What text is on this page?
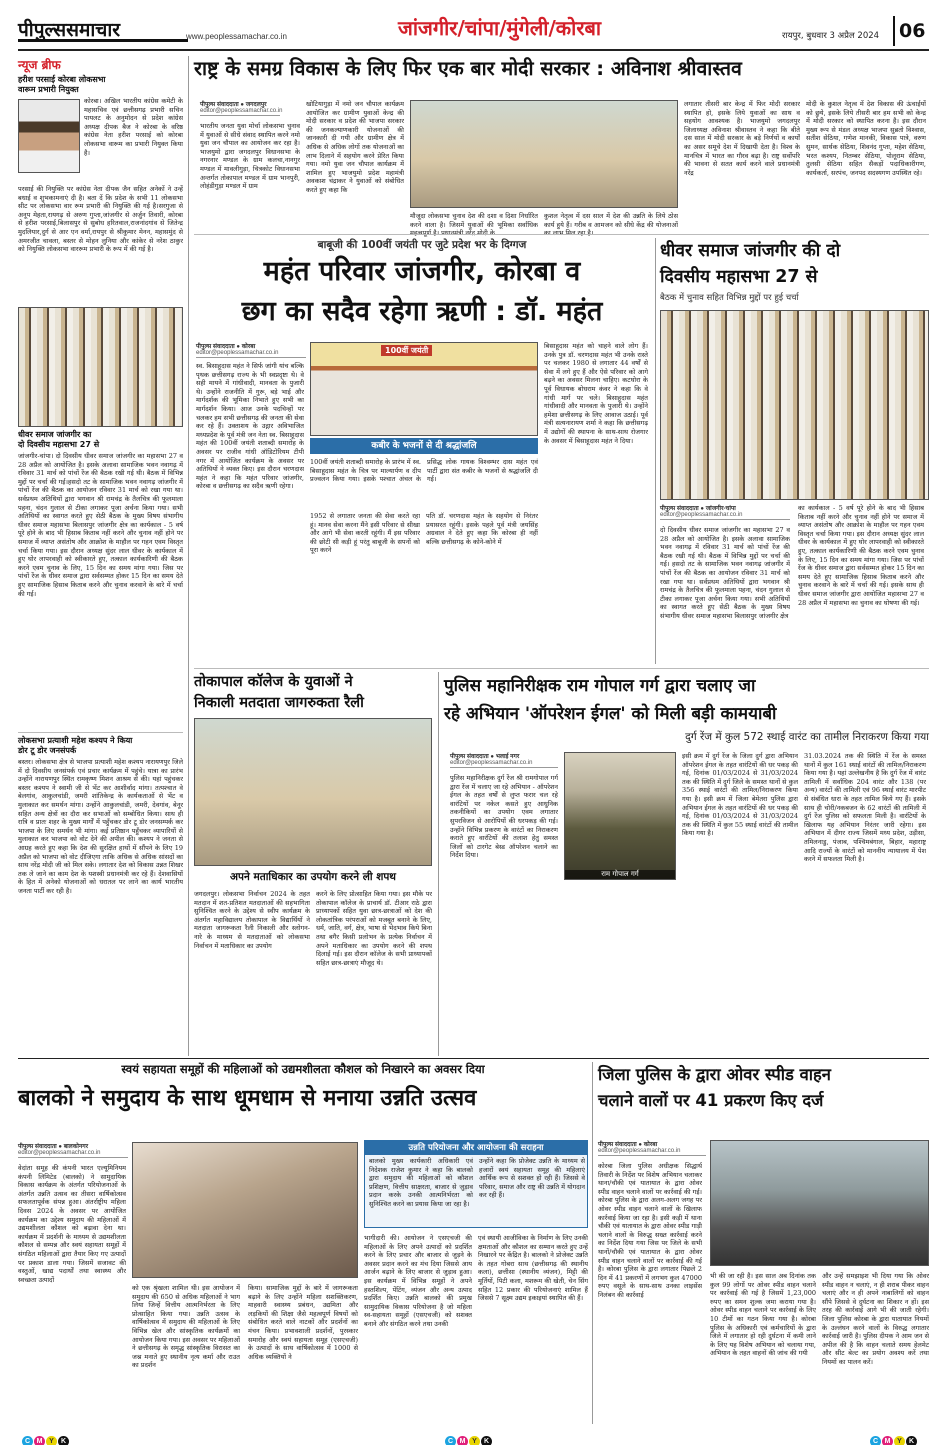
पीपुल्ससमाचार	www.peoplessamachar.co.in	जांजगीर/चांपा/मुंगेली/कोरबा	रायपुर, बुधवार 3 अप्रैल 2024	06
न्यूज ब्रीफ
हरीश परसाई कोरबा लोकसभा
वारूम प्रभारी नियुक्त
कोरबा। अखिल भारतीय कांग्रेस कमेटी के महासचिव एवं छत्तीसगढ़ प्रभारी सचिन पायलट के अनुमोदन से प्रदेश कांग्रेस अध्यक्ष दीपक बैज ने कोरबा के वरिष्ठ कांग्रेस नेता हरीश परसाई को कोरबा लोकसभा वारूम का प्रभारी नियुक्त किया है।
परसाई की नियुक्ति पर कांग्रेस नेता दीपक जैन सहित अनेकों ने उन्हें बधाई व शुभकामनाएं दी है। बता दें कि प्रदेश के सभी 11 लोकसभा सीट पर लोकसभा वार रूम प्रभारी की नियुक्ति की गई है।सरगुजा से अनूप मेहता,रायगढ़ से अरुण गुप्ता,जांजगीर से अर्जुन तिवारी, कोरबा से हरीश परसाई,बिलासपुर से सुबोध हरितवाल,राजनांदगांव से जितेन्द्र मुदलियार,दुर्ग से आर एन वर्मा,रायपुर से श्रीकुमार मेनन, महासमुंद से अमरजीत चावला, बस्तर से मोहन लुनिया और कांकेर से नरेश ठाकुर को नियुक्ति लोकसभा वाररूम प्रभारी के रूप में की गई है।
धीवर समाज जांजगीर का
दो दिवसीय महासभा 27 से
जांजगीर-चांपा। दो दिवसीय धीवर समाज जांजगीर का महासभा 27 व 28 अप्रैल को आयोजित है। इसके अलावा सामाजिक भवन नवागढ़ में रविवार 31 मार्च को पांचों रेंज की बैठक रखी गई थी। बैठक में विभिन्न मुद्दों पर चर्चा की गई।हसदो तट के सामाजिक भवन नवागढ़ जांजगीर में पांचों रेंज की बैठक का आयोजन रविवार 31 मार्च को रखा गया था। सर्वप्रथम अतिथियों द्वारा भगवान श्री रामचंद्र के तैलचित्र की फूलमाला पहना, चंदन गुलाल से टीका लगाकर पूजा अर्चना किया गया। सभी अतिथियों का स्वागत करते हुए सेठी बैठक के मुख्य विषय संभागीय धीवर समाज महासभा बिलासपुर जांजगीर क्षेत्र का कार्यकाल - 5 वर्ष पूरे होने के बाद भी हिसाब किताब नहीं करने और चुनाव नहीं होने पर समाज में व्याप्त असंतोष और आक्रोश के माहौल पर गहन एवम विस्तृत चर्चा किया गया। इस दौरान अध्यक्ष सुंदर लाल धीवर के कार्यकाल में हुए घोर लापरवाही को स्वीकारते हुए, तत्काल कार्यकारिणी की बैठक करने एवम चुनाव के लिए, 15 दिन का समय मांगा गया। जिस पर पांचों रेंज के धीवर समाज द्वारा सर्वसम्मत होकर 15 दिन का समय देते हुए सामाजिक हिसाब किताब करने और चुनाव करवाने के बारे में चर्चा की गई।
लोकसभा प्रत्याशी महेश कश्यप ने किया
डोर टू डोर जनसंपर्क
बस्तर। लोकसभा क्षेत्र से भाजपा प्रत्याशी महेश कश्यप नारायणपुर जिले में दो दिवसीय जनसंपर्क एवं प्रचार कार्यक्रम में पहुंचे। यात्रा का प्रारंभ उन्होंने नारायणपुर स्थित रामकृष्ण मिशन आश्रम से की। यहां पहुंचकर बस्तर कश्यप ने स्वामी जी से भेंट कर आशीर्वाद मांगा। तत्पश्चात वे बेलगांव, आकुलचांडी, जमरी शांतिकेन्द्र के कार्यकताओं से भेंट व मुलाकात कर समर्थन मांगा। उन्होंने आकुलचांडी, जमरी, देवगांव, बेनूर सहित अन्य क्षेत्रों का दौरा कर सभाओं को सम्बोधित किया। साथ ही रात्रि व प्रातः शहर के मुख्य मार्गों में पहुँचकर डोर टू डोर जनसम्पर्क कर भाजपा के लिए समर्थन भी मांगा। कई प्रतिष्ठान पहुँचकर व्यापारियों से मुलाकात कर भाजपा को वोट देने की अपील की। कश्यप ने जनता से आग्रह करते हुए कहा कि देश की सुरक्षित हाथों में सौंपने के लिए 19 अप्रैल को भाजपा को वोट दीजिएगा ताकि अधिक से अधिक सांसदों का साथ नरेंद्र मोदी जी को मिल सके। लगातार देश को विकास उन्नत शिखर तक ले जाने का काम देश के यशस्वी प्रधानमंत्री कर रहे हैं। देशवासियों के हित में अनेको योजनाओं को धरातल पर लाने का कार्य भारतीय जनता पार्टी कर रही है।
राष्ट्र के समग्र विकास के लिए फिर एक बार मोदी सरकार : अविनाश श्रीवास्तव
पीपुल्स संवाददाता ● जगदलपुर
editor@peoplessamachar.co.in
भारतीय जनता युवा मोर्चा लोकसभा चुनाव में युवाओं से सीधे संवाद स्थापित करने नमो युवा जन चौपाल का आयोजन कर रहा है। भाजयुमो द्वारा जगदलपुर विधानसभा के नगरनार मण्डल के ग्राम कलचा,नानगुर मण्डल में मावलीगुड़ा, चित्रकोट विधानसभा अन्तर्गत तोकापाल मण्डल में ग्राम भानपुरी, लोहंडीगुड़ा मण्डल में ग्राम
खोटियागुड़ा में नमो जन चौपाल कार्यक्रम आयोजित कर ग्रामीण युवाओं केन्द्र की मोदी सरकार व प्रदेश की भाजपा सरकार की जनकल्याणकारी योजनाओं की जानकारी दी गयी और ग्रामीण क्षेत्र में अधिक से अधिक लोगों तक योजनाओं का लाभ दिलाने में सहयोग करने प्रेरित किया गया। नमो युवा जन चौपाल कार्यक्रम में शामिल हुए भाजयुमो प्रदेश महामंत्री अवकाश चंद्राकर ने युवाओं को संबोधित करते हुए कहा कि
मौजूदा लोकसभा चुनाव देश की दशा व दिशा निर्धारित करने वाला है। जिसमें युवाओं की भूमिका सर्वाधिक
कुशल नेतृत्व में दस साल में देश की उन्नति के लिये ठोस कार्य हुये हैं। गरीब व आमजन को सीधे केंद्र की योजनाओं
लगातार तीसरी बार केन्द्र में फिर मोदी सरकार स्थापित हो, इसके लिये युवाओं का साथ व सहयोग आवश्यक है। भाजयुमो जगदलपुर जिलाध्यक्ष अविनाश श्रीवास्तव ने कहा कि बीते दस साल में मोदी सरकार के बड़े निर्णयों व कार्यों का असर समूचे देश में दिखायी देता है। विश्व के मानचित्र में भारत का गौरव बढ़ा है। राष्ट्र सर्वोपरि की भावना से सतत कार्य करने वाले प्रधानमंत्री नरेंद्र
मोदी के कुशल नेतृत्व में देश विकास की ऊंचाईयों को छुये, इसके लिये तीसरी बार हम सभी को केन्द्र में मोदी सरकार को स्थापित करना है। इस दौरान मुख्य रूप से मंडल अध्यक्ष भाजपा सुब्रतो विश्वास, सतीश सेठिया, गणेश मानकी, विकास पात्रे, वरुण सुमन, सार्थक सेठिया, शिवनंद गुप्ता, महेश सेठिया, भरत कश्यप, नितम्बर सेठिया, पोलूराम सेठिया, तुलसी सेठिया सहित सैकड़ों पदाधिकारीगण, कार्यकर्ता, सरपंच, जनपद सदस्यगण उपस्थित रहे।
बाबूजी की 100वीं जयंती पर जुटे प्रदेश भर के दिग्गज
महंत परिवार जांजगीर, कोरबा व
छग का सदैव रहेगा ऋणी : डॉ. महंत
पीपुल्स संवाददाता ● कोरबा
editor@peoplessamachar.co.in
स्व. बिसाहूदास महंत ने सिर्फ जांगी यांच बल्कि पृथक छत्तीसगढ़ राज्य के भी स्वप्नदृष्टा थे। वे सही मायने में गांधीवादी, मानवता के पुजारी थे। उन्होंने राजनीति में गुरू, बड़े भाई और मार्गदर्शक की भूमिका निभाते हुए सभी का मार्गदर्शन किया। आज उनके पदचिन्हों पर चलकर हम सभी छत्तीसगढ़ की जनता की सेवा कर रहे हैं। उक्ताशय के उद्गार अविभाजित मध्यप्रदेश के पूर्व मंत्री जन नेता स्व. बिसाहूदास महंत की 100वीं जयंती शताब्दी समारोह के अवसर पर राजीव गांधी ऑडिटोरियम टीपी नगर में आयोजित कार्यक्रम के अवसर पर अतिथियों ने व्यक्त किए। इस दौरान चरणदास महंत ने कहा कि महंत परिवार जांजगीर, कोरबा व छत्तीसगढ़ का सदैव ऋणी रहेगा।
100वीं जयंती
कबीर के भजनों से दी श्रद्धांजलि
100वीं जयंती शताब्दी समारोह के प्रारंभ में स्व. बिसाहूदास महंत के चित्र पर माल्यार्पण व दीप प्रज्वलन किया गया। इसके पश्चात अंचल के प्रसिद्ध लोक गायक विश्वम्भर दास महंत एवं पार्टी द्वारा संत कबीर के भजनों से श्रद्धांजलि दी गई।
1952 से लगातार जनता की सेवा करते रहा हूं। मानव सेवा करना मैंने इसी परिवार से सीखा और आगे भी सेवा करती रहूंगी। मैं इस परिवार की छोटी सी कड़ी हूं परंतु बाबूजी के सपनों को पूरा करने
पति डॉ. चरणदास महंत के सहयोग से निरंतर प्रयासरत रहूंगी। इसके पहले पूर्व मंत्री जयसिंह अग्रवाल ने देते हुए कहा कि कोरबा ही नहीं बल्कि छत्तीसगढ़ के कोने-कोने में
बिसाहूदास महंत को चाहने वाले लोग हैं। उनके पुत्र डॉ. चरणदास महंत भी उनके रास्ते पर चलकर 1980 से लगातार 44 वर्षों से सेवा में लगे हुए हैं और ऐसे परिवार को आगे बढ़ने का अवसर मिलना चाहिए। कटघोरा के पूर्व विधायक बोधराम कंवर ने कहा कि वे गांधी मार्ग पर चले। बिसाहूदास महंत गांधीवादी और मानवता के पुजारी थे। उन्होंने हमेशा छत्तीसगढ़ के लिए आवाज उठाई। पूर्व मंत्री सत्यनारायण शर्मा ने कहा कि छत्तीसगढ़ में उद्योगों की स्थापना के साथ-साथ रोजगार के अवसर में बिसाहूदास महंत ने दिया।
धीवर समाज जांजगीर की दो
दिवसीय महासभा 27 से
बैठक में चुनाव सहित विभिन्न मुद्दों पर हुई चर्चा
पीपुल्स संवाददाता ● जांजगीर-चांपा
editor@peoplessamachar.co.in
दो दिवसीय धीवर समाज जांजगीर का महासभा 27 व 28 अप्रैल को आयोजित है। इसके अलावा सामाजिक भवन नवागढ़ में रविवार 31 मार्च को पांचों रेंज की बैठक रखी गई थी। बैठक में विभिन्न मुद्दों पर चर्चा की गई। हसदो तट के सामाजिक भवन नवागढ़ जांजगीर में पांचों रेंज की बैठक का आयोजन रविवार 31 मार्च को रखा गया था। सर्वप्रथम अतिथियों द्वारा भगवान श्री रामचंद्र के तैलचित्र की फूलमाला पहना, चंदन गुलाल से टीका लगाकर पूजा अर्चना किया गया। सभी अतिथियों का स्वागत करते हुए सेठी बैठक के मुख्य विषय संभागीय धीवर समाज महासभा बिलासपुर जांजगीर क्षेत्र
का कार्यकाल - 5 वर्ष पूरे होने के बाद भी हिसाब किताब नहीं करने और चुनाव नहीं होने पर समाज में व्याप्त असंतोष और आक्रोश के माहौल पर गहन एवम विस्तृत चर्चा किया गया। इस दौरान अध्यक्ष सुंदर लाल धीवर के कार्यकाल में हुए घोर लापरवाही को स्वीकारते हुए, तत्काल कार्यकारिणी की बैठक करने एवम चुनाव के लिए, 15 दिन का समय मांगा गया। जिस पर पांचों रेंज के धीवर समाज द्वारा सर्वसम्मत होकर 15 दिन का समय देते हुए सामाजिक हिसाब किताब करने और चुनाव करवाने के बारे में चर्चा की गई। इसके साथ ही धीवर समाज जांजगीर द्वारा आयोजित महासभा 27 व 28 अप्रैल में महासभा का चुनाव का घोषणा की गई।
तोकापाल कॉलेज के युवाओं ने
निकाली मतदाता जागरुकता रैली
अपने मताधिकार का उपयोग करने ली शपथ
जगदलपुर। लोकसभा निर्वाचन 2024 के तहत मतदान में शत-प्रतिशत मतदाताओं की सहभागिता सुनिश्चित करने के उद्देश्य से स्वीप कार्यक्रम के अंतर्गत महाविद्यालय तोकापाल के विद्यार्थियों ने मतदाता जागरूकता रैली निकाली और स्लोगन-नारे के माध्यम से मतदाताओं को लोकसभा निर्वाचन में मताधिकार का उपयोग
करने के लिए प्रोत्साहित किया गया। इस मौके पर तोकापाल कॉलेज के प्राचार्य डॉ. टीआर राठे द्वारा प्राध्यापकों सहित युवा छात्र-छात्राओं को देश की लोकतांत्रिक परंपराओं को मजबूत बनाने के लिए, धर्म, जाति, वर्ग, क्षेत्र, भाषा से भेदभाव किये बिना तथा बगैर किसी प्रलोभन के प्रत्येक निर्वाचन में अपने मताधिकार का उपयोग करने की शपथ दिलाई गई। इस दौरान कॉलेज के सभी प्राध्यापकों सहित छात्र-छात्राएं मौजूद थे।
पुलिस महानिरीक्षक राम गोपाल गर्ग द्वारा चलाए जा
रहे अभियान 'ऑपरेशन ईगल' को मिली बड़ी कामयाबी
दुर्ग रेंज में कुल 572 स्थाई वारंट का तामील निराकरण किया गया
पीपुल्स संवाददाता ● भलाई नगर
editor@peoplessamachar.co.in
पुलिस महानिरीक्षक दुर्ग रेंज श्री रामगोपाल गर्ग द्वारा रेंज में चलाए जा रहे अभियान - ऑपरेशन ईगल के तहत वर्षों से लुप्त फरार चल रहे वारंटियों पर नकेल कसते हुए आधुनिक तकनीकियों का उपयोग एवम लगातार सुपरविजन से आरोपियों की धरपकड़ की गई। उन्होंने विभिन्न प्रकरण के वारंटों का निराकरण कराते हुए वारंटियों की तलाश हेतु समस्त जिलों को टारगेट बेस्ड ऑपरेशन चलाने का निर्देश दिया।
राम गोपाल गर्ग
इसी क्रम में दुर्ग रेंज के जिला दुर्ग द्वारा अभियान ऑपरेशन ईगल के तहत वारंटियों की धर पकड़ की गई, दिनांक 01/03/2024 से 31/03/2024 तक की स्थिति में दुर्ग जिले के समस्त थानों से कुल 356 स्थाई वारंटों की तामिल/निराकरण किया गया है। इसी क्रम में जिला बेमेतरा पुलिस द्वारा अभियान ईगल के तहत वारंटियों की धर पकड़ की गई, दिनांक 01/03/2024 से 31/03/2024 तक की स्थिति में कुल 55 स्थाई वारंटों की तामील किया गया है।
31.03.2024 तक की स्थिति में रेंज के समस्त थानों में कुल 161 स्थाई वारंटों की तामिल/निराकरण किया गया है। यहां उल्लेखनीय है कि दुर्ग रेंज में वारंट तामिली में सर्वाधिक 204 वारंट और 138 (पर अन्य) वारंटों की तामिली एवं 96 स्थाई वारंट मारपीट से संबंधित धारा के तहत तामिल किये गए हैं। इसके साथ ही चोरी/नकबजन के 62 वारंटों की तामिली में दुर्ग रेंज पुलिस को सफलता मिली है। वारंटियों के खिलाफ यह अभियान निरंतर जारी रहेगा। इस अभियान में दीगर राज्य जिसमें मध्य प्रदेश, उड़ीसा, तमिलनाडु, पंजाब, पश्चिमबंगाल, बिहार, महाराष्ट्र आदि राज्यों के वारंटों को माननीय न्यायालय में पेश करने में सफलता मिली है।
स्वयं सहायता समूहों की महिलाओं को उद्यमशीलता कौशल को निखारने का अवसर दिया
बालको ने समुदाय के साथ धूमधाम से मनाया उन्नति उत्सव
पीपुल्स संवाददाता ● बालकोनगर
editor@peoplessamachar.co.in
वेदांता समूह की कंपनी भारत एल्यूमिनियम कंपनी लिमिटेड (बालको) ने सामुदायिक विकास कार्यक्रम के अंतर्गत परियोजनाओं के अंतर्गत उन्नति उत्सव का तीसरा वार्षिकोत्सव सफलतापूर्वक संपन्न हुआ। अंतर्राष्ट्रीय महिला दिवस 2024 के अवसर पर आयोजित कार्यक्रम का उद्देश्य समुदाय की महिलाओं में उद्यमशीलता कौशल को बढ़ावा देना था। कार्यक्रम में प्रदर्शनी के माध्यम से उद्यमशीलता कौशल से सम्पन्न और स्वयं सहायता समूहों में संगठित महिलाओं द्वारा तैयार किए गए उत्पादों पर प्रकाश डाला गया। जिसमें सजावट की वस्तुओं, खाद्य पदार्थों तथा स्वास्थ्य और स्वच्छता उत्पादों
को एक श्रृंखला शामिल थी। इस आयोजन में समुदाय की 650 से अधिक महिलाओं ने भाग लिया जिन्हें वित्तीय आत्मनिर्भरता के लिए प्रोत्साहित किया गया। उन्नति उत्सव के वार्षिकोत्सव में समुदाय की महिलाओं के लिए विभिन्न खेल और सांस्कृतिक कार्यक्रमों का आयोजन किया गया। इस अवसर पर महिलाओं ने छत्तीसगढ़ के समृद्ध सांस्कृतिक विरासत का जश्न मनाते हुए स्थानीय नृत्य कर्मा और राउत का प्रदर्शन
किया। सामाजिक मुद्दों के बारे में जागरूकता बढ़ाने के लिए उन्होंने महिला सशक्तिकरण, माहवारी स्वास्थ्य प्रबंधन, उद्यमिता और लड़कियों की शिक्षा जैसे महत्वपूर्ण विषयों को संबोधित करते वाले नाटकों और प्रदर्शनों का मंचन किया। प्रभावशाली प्रदर्शनों, पुरस्कार समारोह और स्वयं सहायता समूह (एसएचजी) के उत्पादों के साथ वार्षिकोत्सव में 1000 से अधिक व्यक्तियों ने
उन्नति परियोजना और आयोजना की सराहना
बालको मुख्य कार्यकारी अधिकारी एवं निदेशक राजेश कुमार ने कहा कि बालको द्वारा समुदाय की महिलाओं को कौशल प्रशिक्षण, वित्तीय साक्षरता, बाजार से जुड़ाव प्रदान करके उनकी आत्मनिर्भरता को सुनिश्चित करने का प्रयास किया जा रहा है।
उन्होंने कहा कि प्रोजेक्ट उन्नति के माध्यम से हजारों स्वयं सहायता समूह की महिलाएं आर्थिक रूप से सशक्त हो रही हैं। जिससे वे परिवार, समाज और राष्ट्र की उन्नति में योगदान कर रही हैं।
भागीदारी की। आयोजन ने एसएचजी की महिलाओं के लिए अपने उत्पादों को प्रदर्शित करने के लिए प्रचार और बाजार से जुड़ने के अवसर प्रदान करने का मंच दिया जिससे आय आर्जन बढ़ाने के लिए बाजार से जुड़ाव हुआ। इस कार्यक्रम में विभिन्न समूहों ने अपने हस्तशिल्प, पेंटिंग, व्यंजन और अन्य उत्पाद प्रदर्शित किए। उन्नति बालको की प्रमुख सामुदायिक विकास परियोजना है जो महिला स्व-सहायता समूहों (एसएचजी) को सशक्त बनाने और संगठित करने तथा उनकी
एवं स्थायी आजीविका के निर्माण के लिए उनकी क्षमताओं और कौशल का सम्मान करते हुए उन्हें निखारने पर केंद्रित है। बालको ने प्रोजेक्ट उन्नति के तहत गोबरा साथ (छत्तीसगढ़ की स्थानीय कला), छत्तीसा (स्थानीय व्यंजन), मिट्टी की मूर्तियों, पिटी कला, मशरूम की खेती, चेन सिंग सहित 12 प्रकार की परियोजनाएं शामिल हैं जिससे 7 सूक्ष्म उद्यम इकाइयां स्थापित की हैं।
जिला पुलिस के द्वारा ओवर स्पीड वाहन
चलाने वालों पर 41 प्रकरण किए दर्ज
पीपुल्स संवाददाता ● कोरबा
editor@peoplessamachar.co.in
कोरबा जिला पुलिस अधीक्षक सिद्धार्थ तिवारी के निर्देश पर विशेष अभियान चलाकर थाना/चौकी एवं यातायात के द्वारा ओवर स्पीड वाहन चलाने वालों पर कार्रवाई की गई। कोरबा पुलिस के द्वारा अलग-अलग जगह पर ओवर स्पीड वाहन चलाने वालों के खिलाफ कार्रवाई किया जा रहा है। इसी कड़ी में थाना चौकी एवं यातायात के द्वारा ओवर स्पीड गाड़ी चलाने वालों के विरुद्ध सख्त कार्रवाई करने का निर्देश दिया गया जिस पर जिले के सभी थानों/चौकी एवं यातायात के द्वारा ओवर स्पीड वाहन चलाने वालों पर कार्रवाई की गई है। कोरबा पुलिस के द्वारा लगातार पिछले 2 दिन में 41 प्रकरणों में लगभग कुल 47000 रुपए वसूले के साथ-साथ उनका लाइसेंस निलंबन की कार्रवाई
भी की जा रही है। इस साल अब दिनांक तक कुल 99 लोगों पर ओवर स्पीड वाहन चलाने पर कार्रवाई की गई है जिसमें 1,23,000 रुपए का समन शुल्क जमा कराया गया है। ओवर स्पीड वाहन चलाने पर कार्रवाई के लिए 10 टीमों का गठन किया गया है। कोरबा पुलिस के अधिकारी एवं कर्मचारियों के द्वारा जिले में लगातार हो रही दुर्घटना में कमी लाने के लिए यह विशेष अभियान को चलाया गया, अभियान के तहत वाहनों की जांच की गयी
और उन्हें समझाइश भी दिया गया कि ओवर स्पीड वाहन न चलाएं, न ही शराब पीकर वाहन चलाएं और न ही अपने नाबालिगों को वाहन सौंपे जिससे वे दुर्घटना का शिकार न हों। इस तरह की कार्रवाई आगे भी की जाती रहेगी। जिला पुलिस कोरबा के द्वारा यातायात नियमों के उल्लंघन करने वालों के विरुद्ध लगातार कार्रवाई जारी है। पुलिस दीपक ने आम जन से अपील की है कि वाहन चलाते समय हेलमेट और सीट बेल्ट का प्रयोग अवश्य करें तथा नियमों का पालन करें।
C M Y K	C M Y K	C M Y K
